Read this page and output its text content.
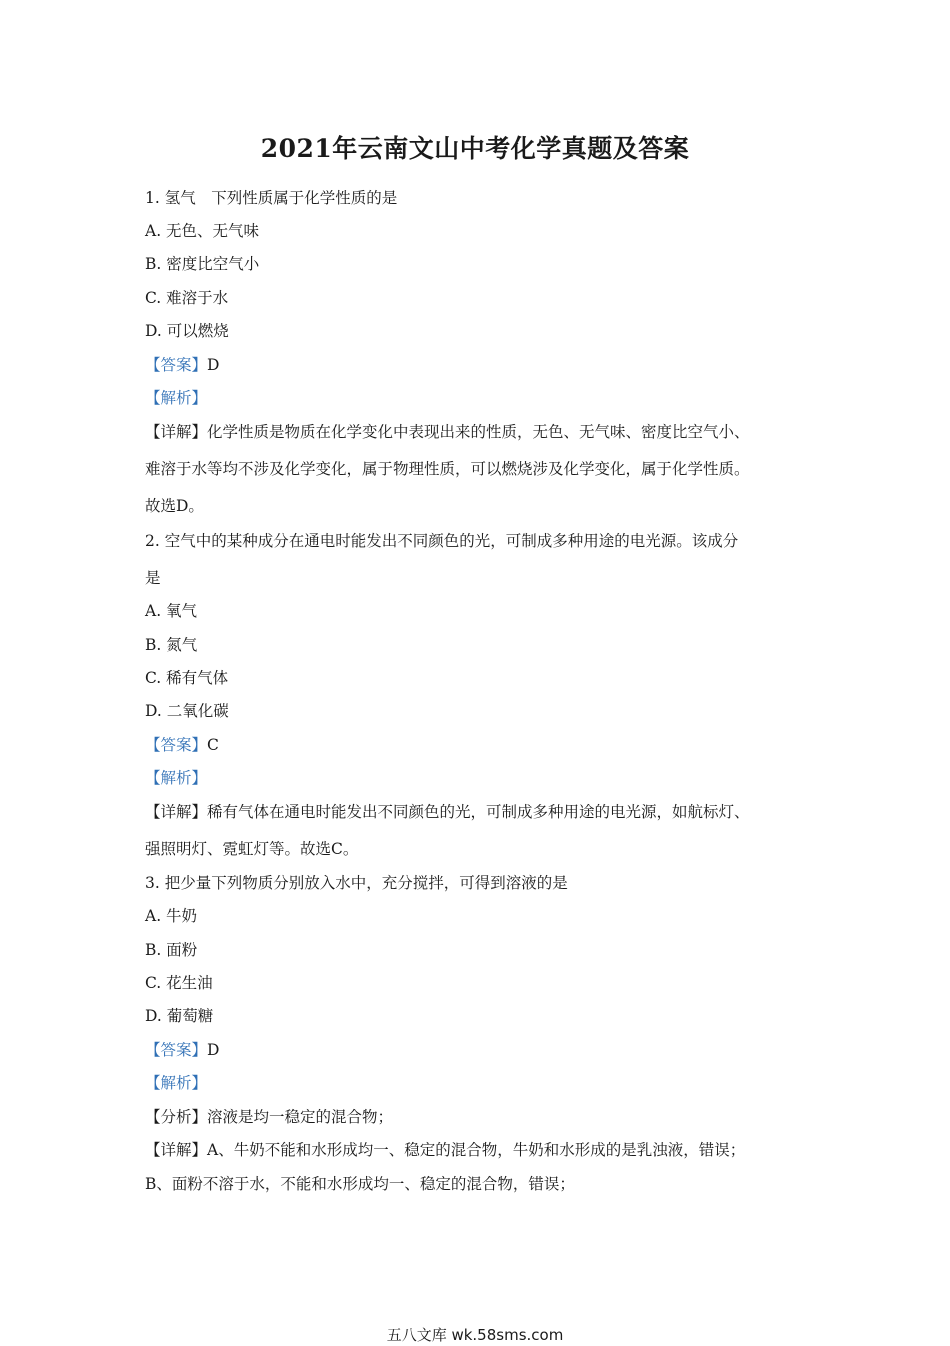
2021年云南文山中考化学真题及答案
1. 氢气　下列性质属于化学性质的是
A. 无色、无气味
B. 密度比空气小
C. 难溶于水
D. 可以燃烧
【答案】D
【解析】
【详解】化学性质是物质在化学变化中表现出来的性质，无色、无气味、密度比空气小、
难溶于水等均不涉及化学变化，属于物理性质，可以燃烧涉及化学变化，属于化学性质。
故选D。
2. 空气中的某种成分在通电时能发出不同颜色的光，可制成多种用途的电光源。该成分
是
A. 氧气
B. 氮气
C. 稀有气体
D. 二氧化碳
【答案】C
【解析】
【详解】稀有气体在通电时能发出不同颜色的光，可制成多种用途的电光源，如航标灯、
强照明灯、霓虹灯等。故选C。
3. 把少量下列物质分别放入水中，充分搅拌，可得到溶液的是
A. 牛奶
B. 面粉
C. 花生油
D. 葡萄糖
【答案】D
【解析】
【分析】溶液是均一稳定的混合物；
【详解】A、牛奶不能和水形成均一、稳定的混合物，牛奶和水形成的是乳浊液，错误；
B、面粉不溶于水，不能和水形成均一、稳定的混合物，错误；
五八文库 wk.58sms.com
